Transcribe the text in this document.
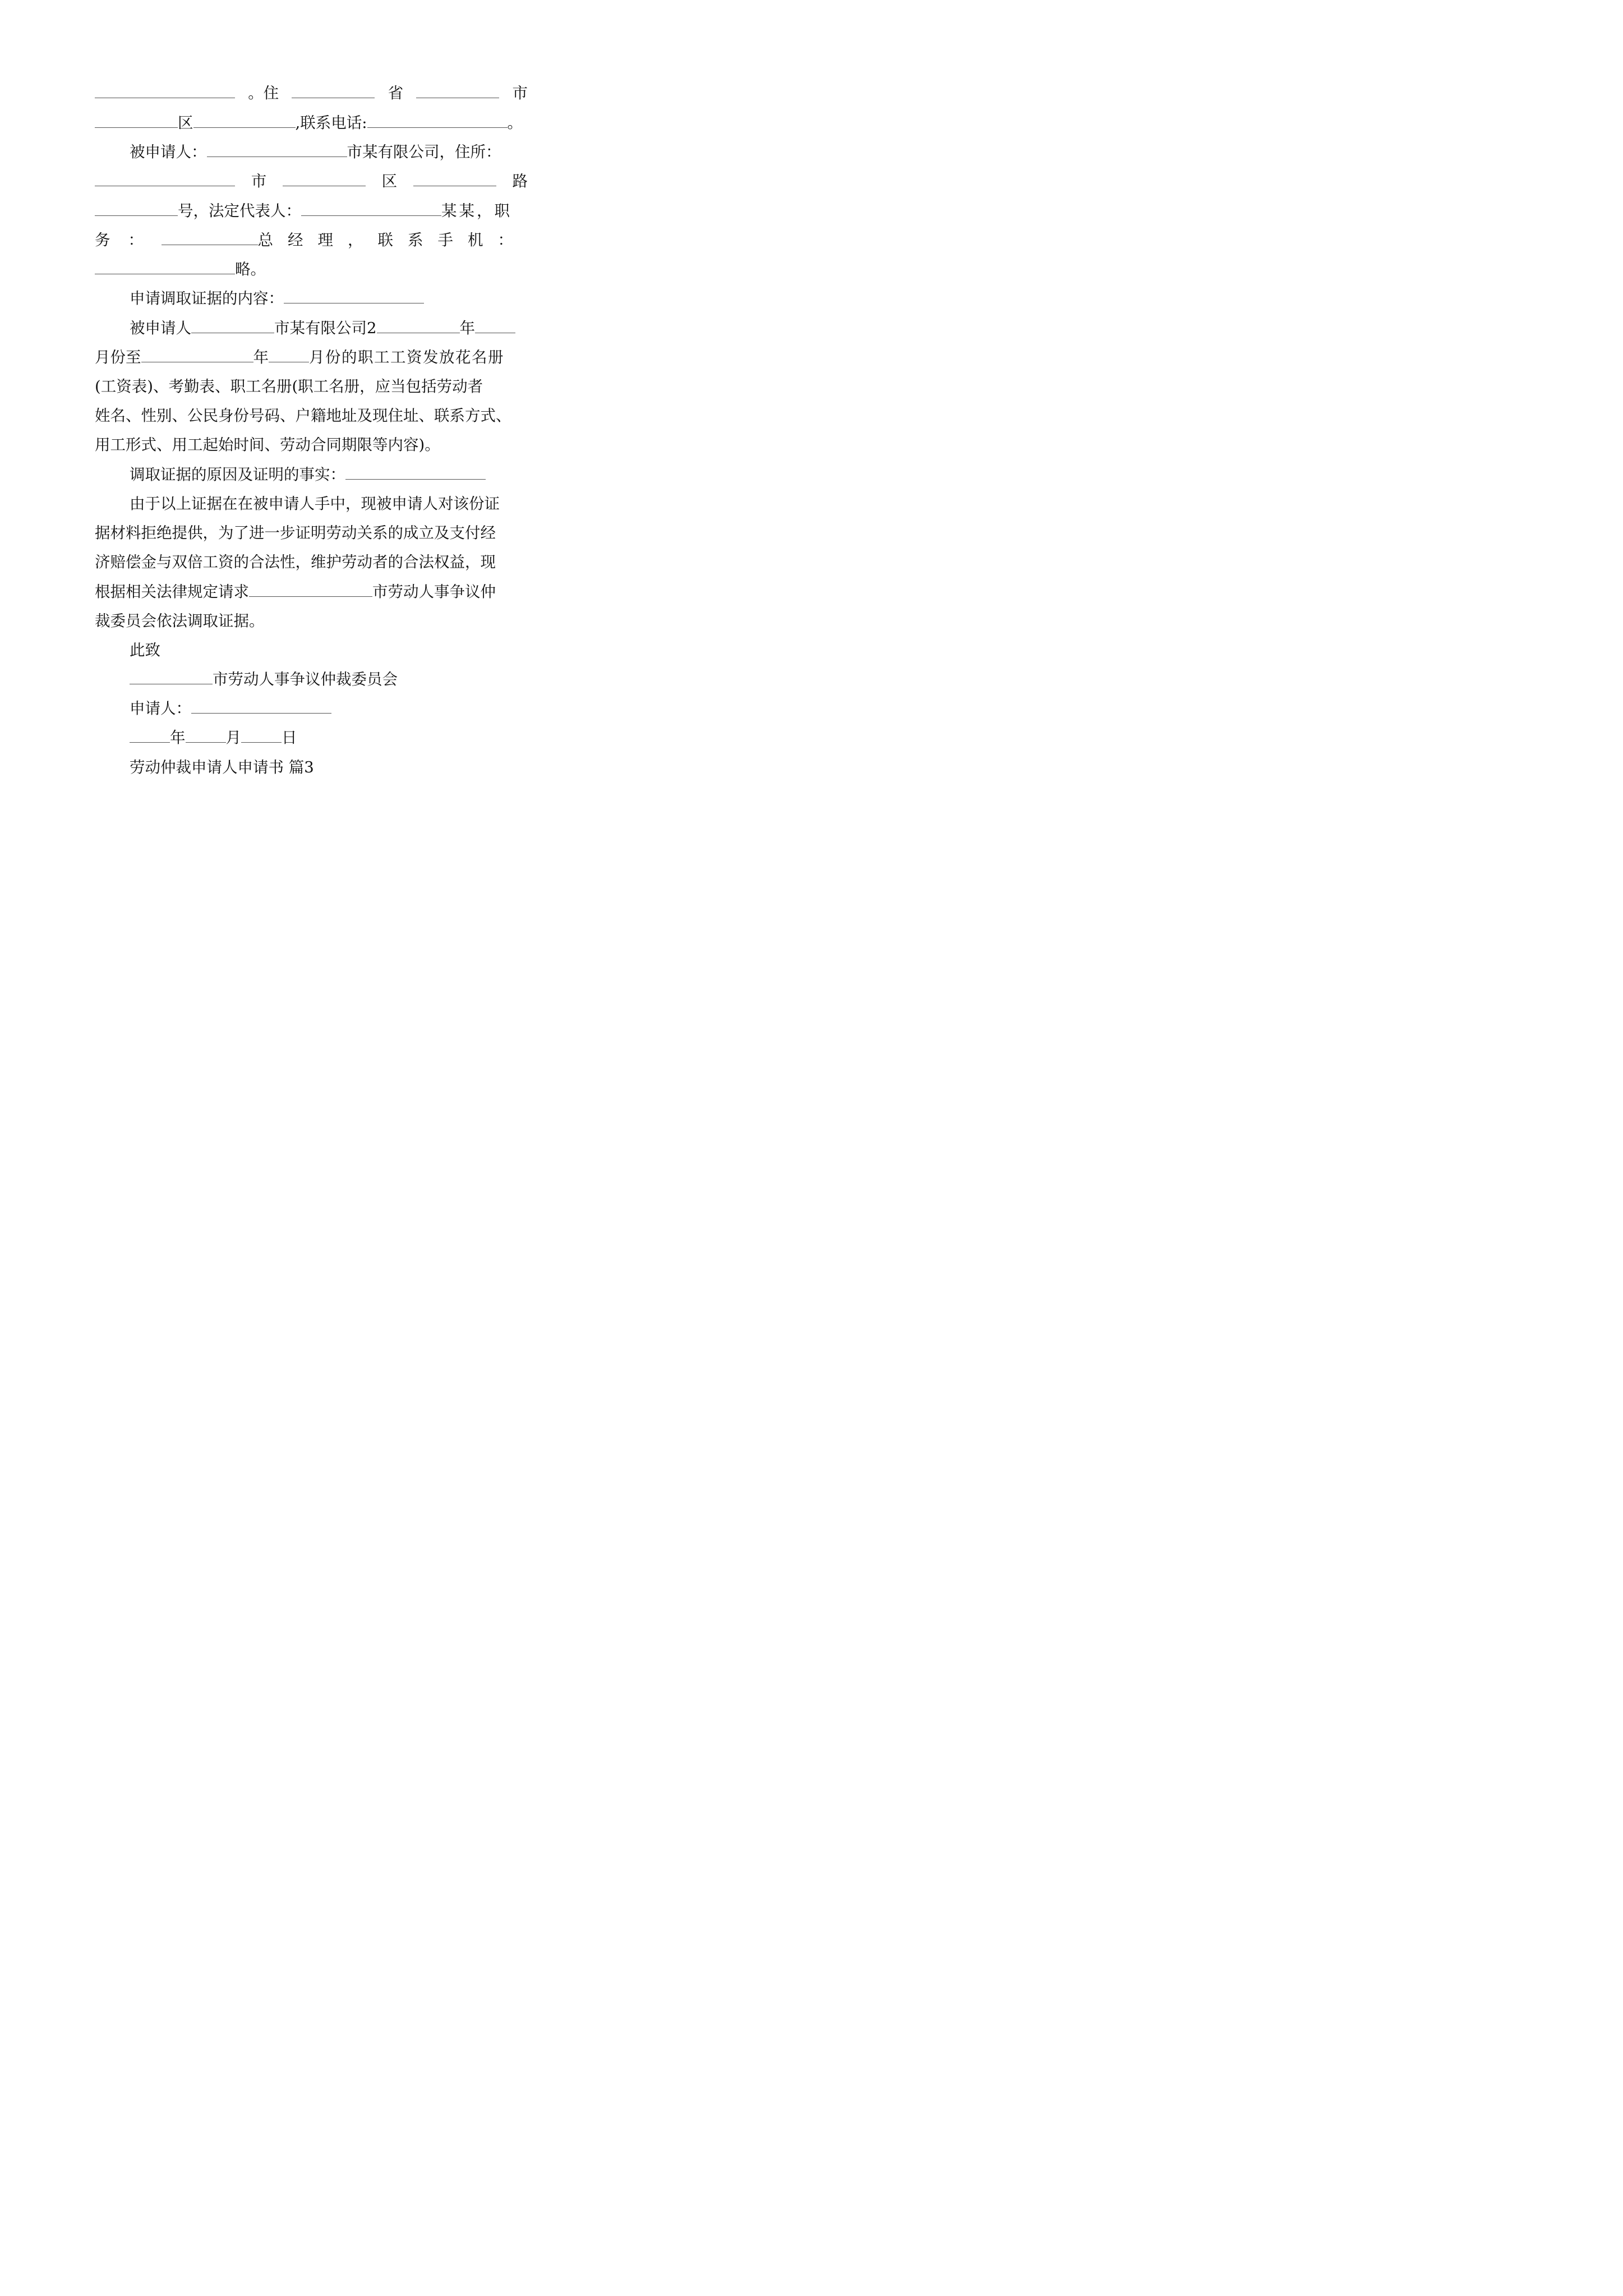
。住	省	市
区	,联系电话:	。
被申请人：	市某有限公司，住所：
市	区	路
号，法定代表人：	某某，职
务：	总经理，联系手机：
略。
申请调取证据的内容：
被申请人	市某有限公司2	年
月份至	年	月份的职工工资发放花名册
(工资表)、考勤表、职工名册(职工名册，应当包括劳动者
姓名、性别、公民身份号码、户籍地址及现住址、联系方式、
用工形式、用工起始时间、劳动合同期限等内容)。
调取证据的原因及证明的事实：
由于以上证据在在被申请人手中，现被申请人对该份证
据材料拒绝提供，为了进一步证明劳动关系的成立及支付经
济赔偿金与双倍工资的合法性，维护劳动者的合法权益，现
根据相关法律规定请求	市劳动人事争议仲
裁委员会依法调取证据。
此致
市劳动人事争议仲裁委员会
申请人：
年	月	日
劳动仲裁申请人申请书 篇3
